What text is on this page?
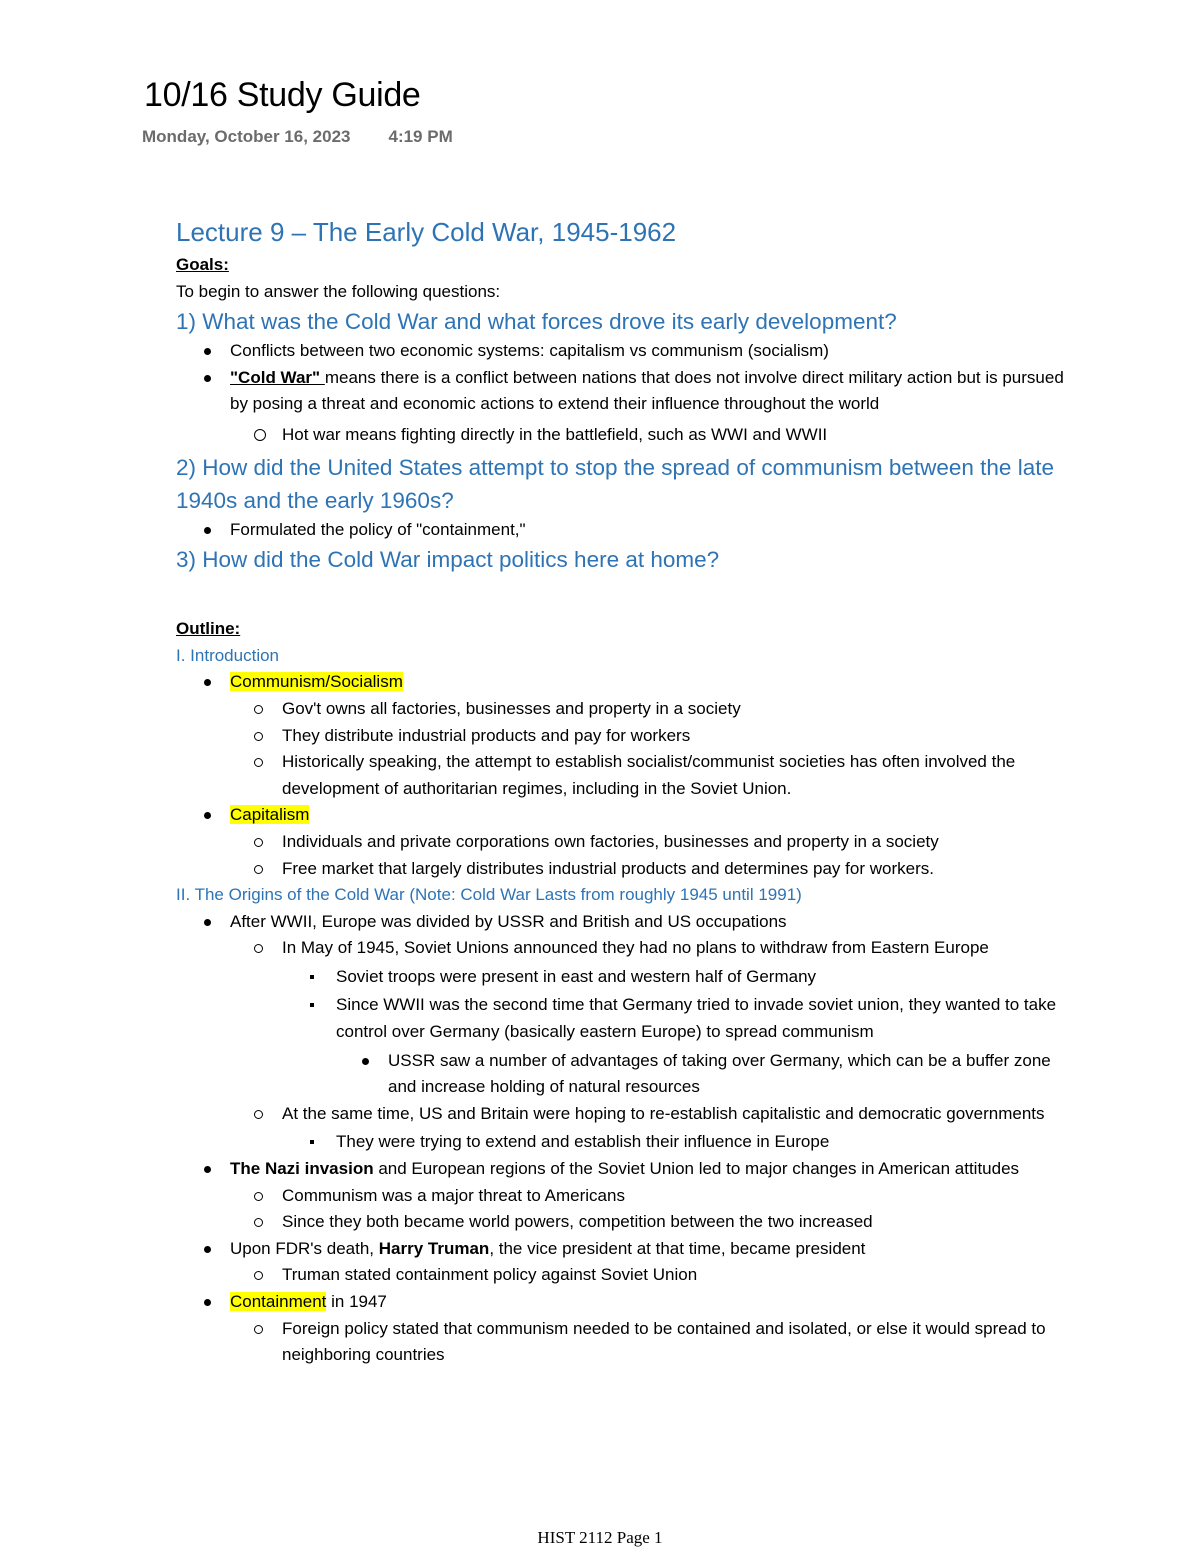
10/16 Study Guide
Monday, October 16, 2023 4:19 PM
Lecture 9 – The Early Cold War, 1945-1962
Goals:
To begin to answer the following questions:
1) What was the Cold War and what forces drove its early development?
Conflicts between two economic systems: capitalism vs communism (socialism)
"Cold War" means there is a conflict between nations that does not involve direct military action but is pursued by posing a threat and economic actions to extend their influence throughout the world
Hot war means fighting directly in the battlefield, such as WWI and WWII
2) How did the United States attempt to stop the spread of communism between the late 1940s and the early 1960s?
Formulated the policy of "containment,"
3) How did the Cold War impact politics here at home?
Outline:
I. Introduction
Communism/Socialism
Gov't owns all factories, businesses and property in a society
They distribute industrial products and pay for workers
Historically speaking, the attempt to establish socialist/communist societies has often involved the development of authoritarian regimes, including in the Soviet Union.
Capitalism
Individuals and private corporations own factories, businesses and property in a society
Free market that largely distributes industrial products and determines pay for workers.
II. The Origins of the Cold War (Note: Cold War Lasts from roughly 1945 until 1991)
After WWII, Europe was divided by USSR and British and US occupations
In May of 1945, Soviet Unions announced they had no plans to withdraw from Eastern Europe
Soviet troops were present in east and western half of Germany
Since WWII was the second time that Germany tried to invade soviet union, they wanted to take control over Germany (basically eastern Europe) to spread communism
USSR saw a number of advantages of taking over Germany, which can be a buffer zone and increase holding of natural resources
At the same time, US and Britain were hoping to re-establish capitalistic and democratic governments
They were trying to extend and establish their influence in Europe
The Nazi invasion and European regions of the Soviet Union led to major changes in American attitudes
Communism was a major threat to Americans
Since they both became world powers, competition between the two increased
Upon FDR's death, Harry Truman, the vice president at that time, became president
Truman stated containment policy against Soviet Union
Containment in 1947
Foreign policy stated that communism needed to be contained and isolated, or else it would spread to neighboring countries
HIST 2112 Page 1
